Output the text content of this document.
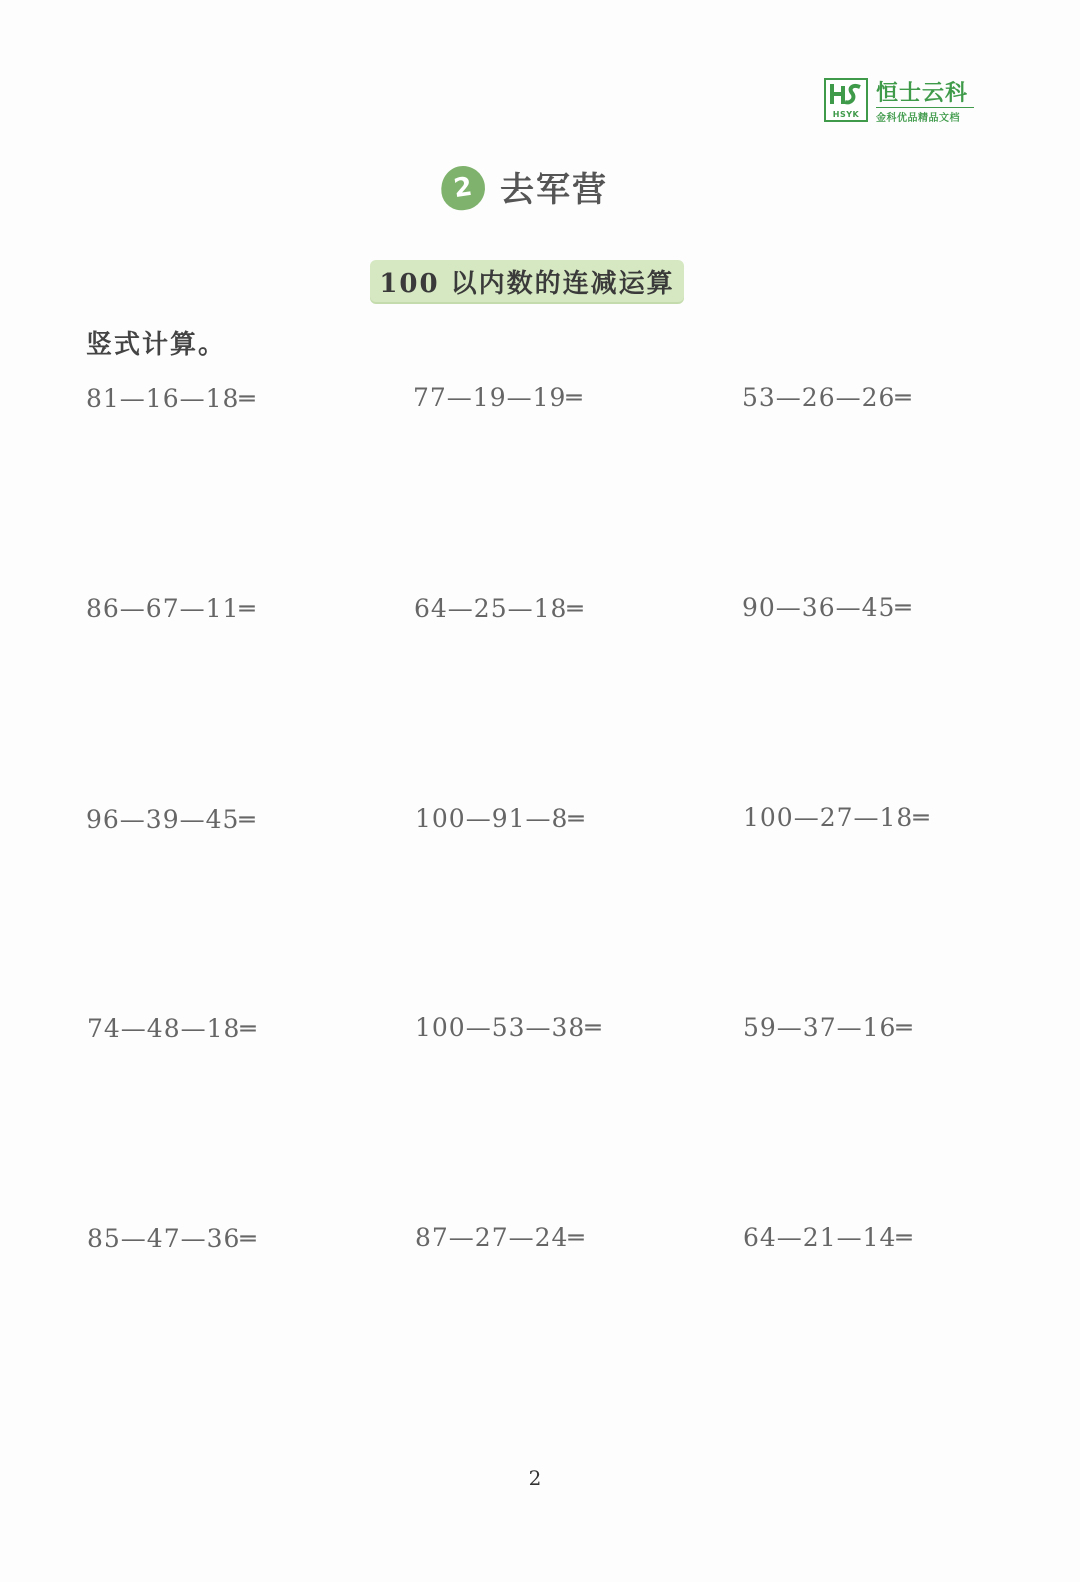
HSYK
恒士云科
金科优品精品文档
2 去军营
100 以内数的连减运算
竖式计算。
81—16—18═	77—19—19═	53—26—26═
86—67—11═	64—25—18═	90—36—45═
96—39—45═	100—91—8═	100—27—18═
74—48—18═	100—53—38═	59—37—16═
85—47—36═	87—27—24═	64—21—14═
2
